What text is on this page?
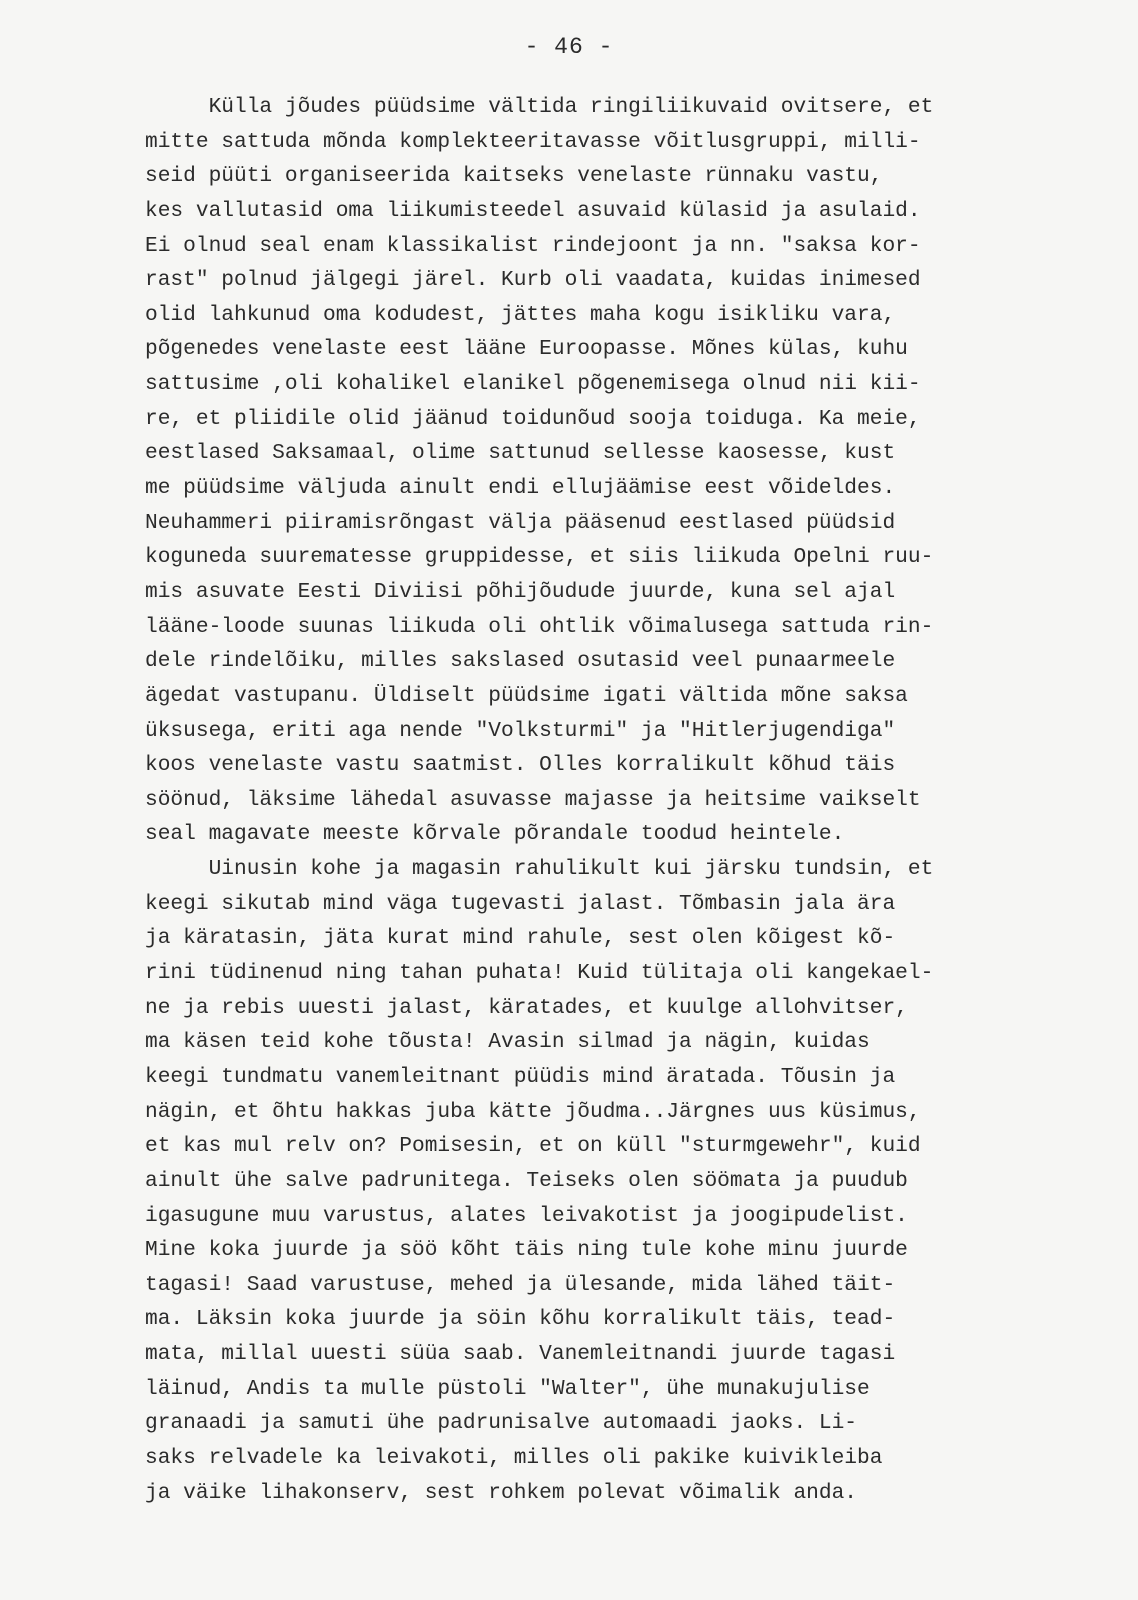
- 46 -
Külla jõudes püüdsime vältida ringiliikuvaid ovitsere, et
mitte sattuda mõnda komplekteeritavasse võitlusgruppi, milli-
seid püüti organiseerida kaitseks venelaste rünnaku vastu,
kes vallutasid oma liikumisteedel asuvaid külasid ja asulaid.
Ei olnud seal enam klassikalist rindejoont ja nn. "saksa kor-
rast" polnud jälgegi järel. Kurb oli vaadata, kuidas inimesed
olid lahkunud oma kodudest, jättes maha kogu isikliku vara,
põgenedes venelaste eest lääne Euroopasse. Mõnes külas, kuhu
sattusime ,oli kohalikel elanikel põgenemisega olnud nii kii-
re, et pliidile olid jäänud toidunõud sooja toiduga. Ka meie,
eestlased Saksamaal, olime sattunud sellesse kaosesse, kust
me püüdsime väljuda ainult endi ellujäämise eest võideldes.
Neuhammeri piiramisrõngast välja pääsenud eestlased püüdsid
koguneda suurematesse gruppidesse, et siis liikuda Opelni ruu-
mis asuvate Eesti Diviisi põhijõudude juurde, kuna sel ajal
lääne-loode suunas liikuda oli ohtlik võimalusega sattuda rin-
dele rindelõiku, milles sakslased osutasid veel punaarmeele
ägedat vastupanu. Üldiselt püüdsime igati vältida mõne saksa
üksusega, eriti aga nende "Volksturmi" ja "Hitlerjugendiga"
koos venelaste vastu saatmist. Olles korralikult kõhud täis
söönud, läksime lähedal asuvasse majasse ja heitsime vaikselt
seal magavate meeste kõrvale põrandale toodud heintele.
Uinusin kohe ja magasin rahulikult kui järsku tundsin, et
keegi sikutab mind väga tugevasti jalast. Tõmbasin jala ära
ja käratasin, jäta kurat mind rahule, sest olen kõigest kõ-
rini tüdinenud ning tahan puhata! Kuid tülitaja oli kangekael-
ne ja rebis uuesti jalast, käratades, et kuulge allohvitser,
ma käsen teid kohe tõusta! Avasin silmad ja nägin, kuidas
keegi tundmatu vanemleitnant püüdis mind äratada. Tõusin ja
nägin, et õhtu hakkas juba kätte jõudma..Järgnes uus küsimus,
et kas mul relv on? Pomisesin, et on küll "sturmgewehr", kuid
ainult ühe salve padrunitega. Teiseks olen söömata ja puudub
igasugune muu varustus, alates leivakotist ja joogipudelist.
Mine koka juurde ja söö kõht täis ning tule kohe minu juurde
tagasi! Saad varustuse, mehed ja ülesande, mida lähed täit-
ma. Läksin koka juurde ja söin kõhu korralikult täis, tead-
mata, millal uuesti süüa saab. Vanemleitnandi juurde tagasi
läinud, Andis ta mulle püstoli "Walter", ühe munakujulise
granaadi ja samuti ühe padrunisalve automaadi jaoks. Li-
saks relvadele ka leivakoti, milles oli pakike kuivikleiba
ja väike lihakonserv, sest rohkem polevat võimalik anda.
